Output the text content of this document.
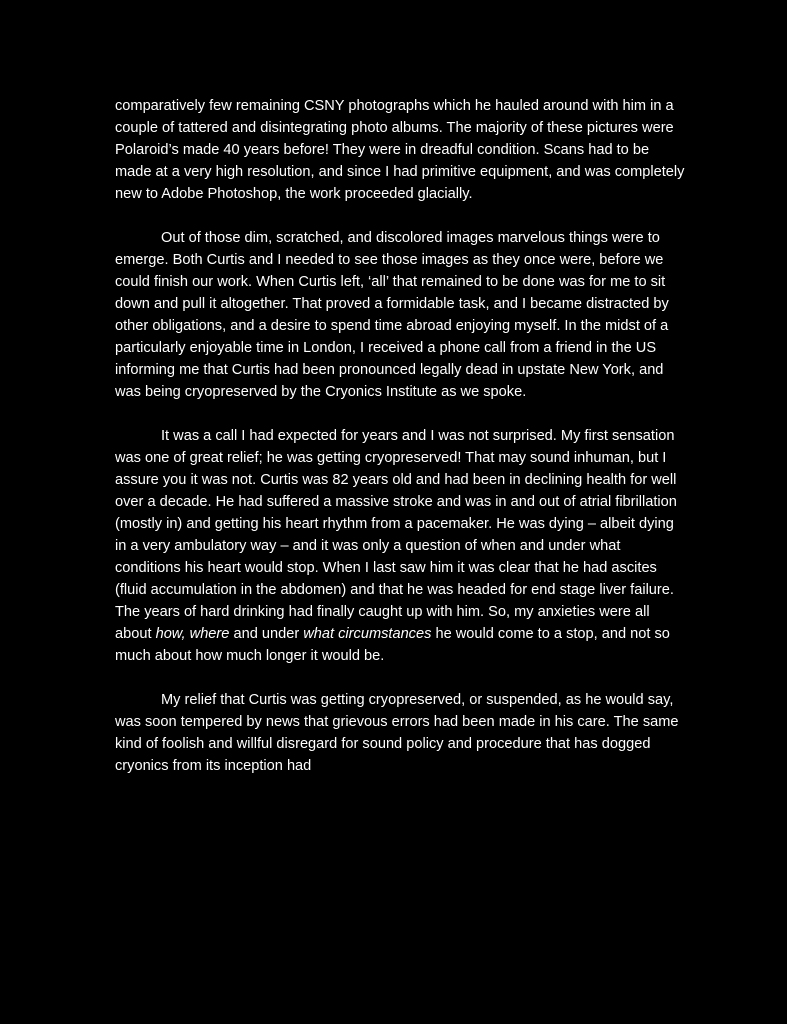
comparatively few remaining CSNY photographs which he hauled around with him in a couple of tattered and disintegrating photo albums. The majority of these pictures were Polaroid’s made 40 years before! They were in dreadful condition. Scans had to be made at a very high resolution, and since I had primitive equipment, and was completely new to Adobe Photoshop, the work proceeded glacially.

Out of those dim, scratched, and discolored images marvelous things were to emerge. Both Curtis and I needed to see those images as they once were, before we could finish our work. When Curtis left, ‘all’ that remained to be done was for me to sit down and pull it altogether. That proved a formidable task, and I became distracted by other obligations, and a desire to spend time abroad enjoying myself. In the midst of a particularly enjoyable time in London, I received a phone call from a friend in the US informing me that Curtis had been pronounced legally dead in upstate New York, and was being cryopreserved by the Cryonics Institute as we spoke.

It was a call I had expected for years and I was not surprised. My first sensation was one of great relief; he was getting cryopreserved! That may sound inhuman, but I assure you it was not. Curtis was 82 years old and had been in declining health for well over a decade. He had suffered a massive stroke and was in and out of atrial fibrillation (mostly in) and getting his heart rhythm from a pacemaker. He was dying – albeit dying in a very ambulatory way – and it was only a question of when and under what conditions his heart would stop. When I last saw him it was clear that he had ascites (fluid accumulation in the abdomen) and that he was headed for end stage liver failure. The years of hard drinking had finally caught up with him. So, my anxieties were all about how, where and under what circumstances he would come to a stop, and not so much about how much longer it would be.

My relief that Curtis was getting cryopreserved, or suspended, as he would say, was soon tempered by news that grievous errors had been made in his care. The same kind of foolish and willful disregard for sound policy and procedure that has dogged cryonics from its inception had
